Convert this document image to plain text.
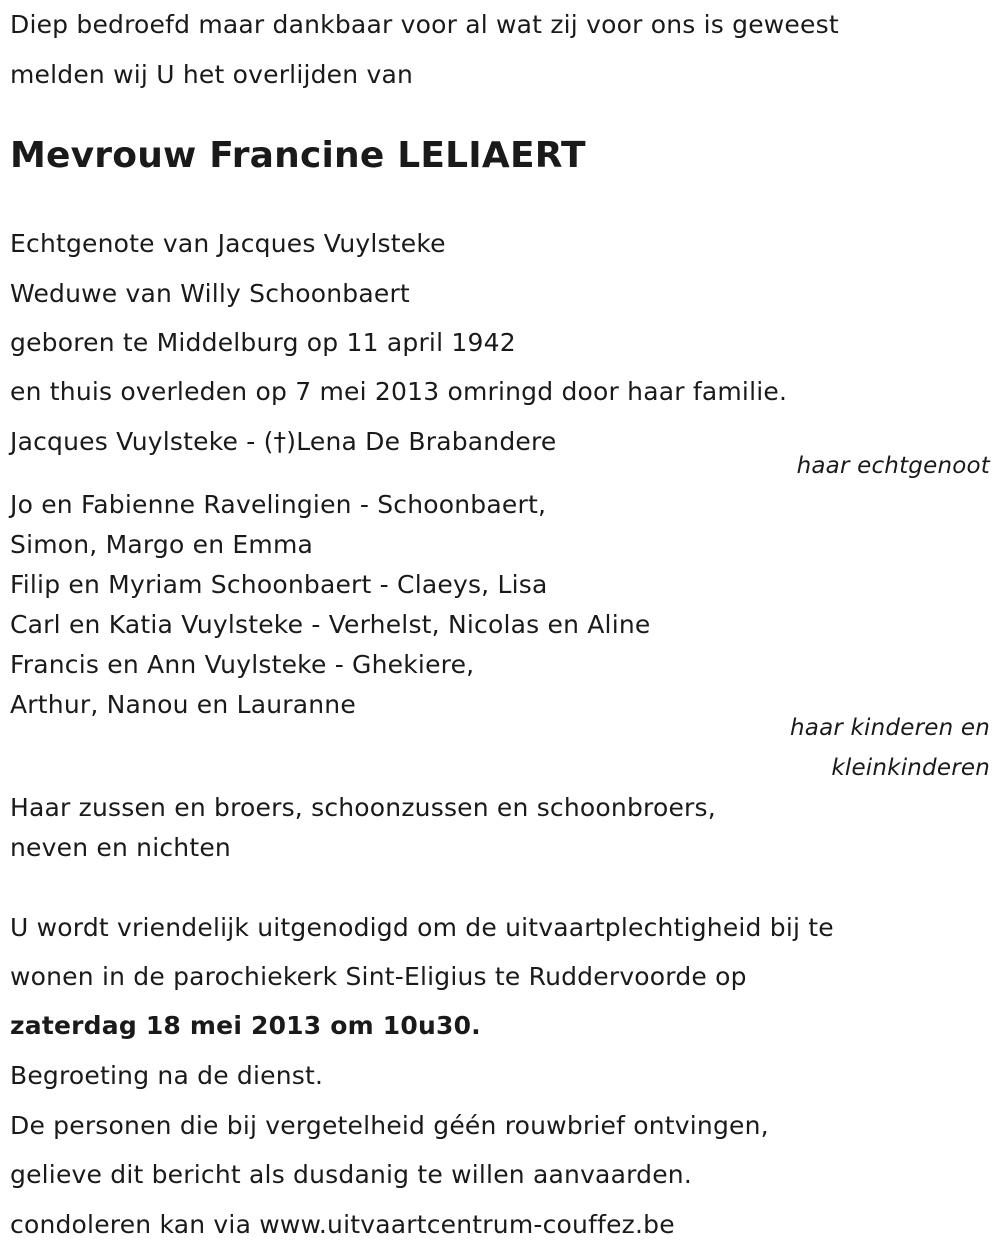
Diep bedroefd maar dankbaar voor al wat zij voor ons is geweest
melden wij U het overlijden van
Mevrouw Francine LELIAERT
Echtgenote van Jacques Vuylsteke
Weduwe van Willy Schoonbaert
geboren te Middelburg op 11 april 1942
en thuis overleden op 7 mei 2013 omringd door haar familie.
Jacques Vuylsteke - (†)Lena De Brabandere
haar echtgenoot
Jo en Fabienne Ravelingien - Schoonbaert,
Simon, Margo en Emma
Filip en Myriam Schoonbaert - Claeys, Lisa
Carl en Katia Vuylsteke - Verhelst, Nicolas en Aline
Francis en Ann Vuylsteke - Ghekiere,
Arthur, Nanou en Lauranne
haar kinderen en
kleinkinderen
Haar zussen en broers, schoonzussen en schoonbroers,
neven en nichten
U wordt vriendelijk uitgenodigd om de uitvaartplechtigheid bij te
wonen in de parochiekerk Sint-Eligius te Ruddervoorde op
zaterdag 18 mei 2013 om 10u30.
Begroeting na de dienst.
De personen die bij vergetelheid géén rouwbrief ontvingen,
gelieve dit bericht als dusdanig te willen aanvaarden.
condoleren kan via www.uitvaartcentrum-couffez.be
